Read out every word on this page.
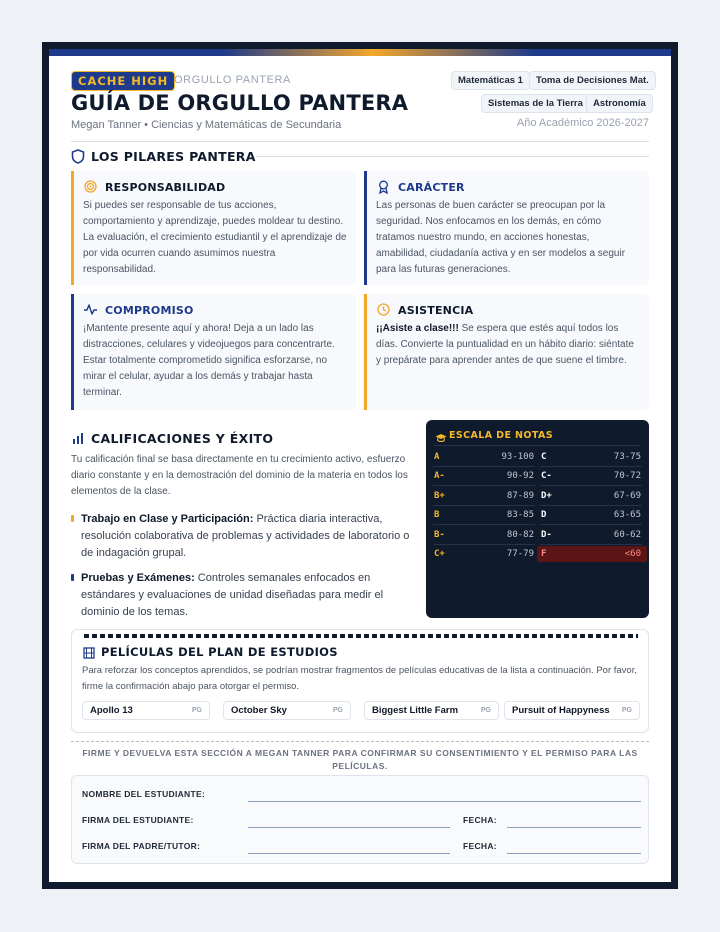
CACHE HIGH ORGULLO PANTERA
GUÍA DE ORGULLO PANTERA
Megan Tanner • Ciencias y Matemáticas de Secundaria
Matemáticas 1	Toma de Decisiones Mat.
Sistemas de la Tierra	Astronomía
Año Académico 2026-2027
LOS PILARES PANTERA
RESPONSABILIDAD
Si puedes ser responsable de tus acciones, comportamiento y aprendizaje, puedes moldear tu destino. La evaluación, el crecimiento estudiantil y el aprendizaje de por vida ocurren cuando asumimos nuestra responsabilidad.
CARÁCTER
Las personas de buen carácter se preocupan por la seguridad. Nos enfocamos en los demás, en cómo tratamos nuestro mundo, en acciones honestas, amabilidad, ciudadanía activa y en ser modelos a seguir para las futuras generaciones.
COMPROMISO
¡Mantente presente aquí y ahora! Deja a un lado las distracciones, celulares y videojuegos para concentrarte. Estar totalmente comprometido significa esforzarse, no mirar el celular, ayudar a los demás y trabajar hasta terminar.
ASISTENCIA
¡¡Asiste a clase!!! Se espera que estés aquí todos los días. Convierte la puntualidad en un hábito diario: siéntate y prepárate para aprender antes de que suene el timbre.
CALIFICACIONES Y ÉXITO
Tu calificación final se basa directamente en tu crecimiento activo, esfuerzo diario constante y en la demostración del dominio de la materia en todos los elementos de la clase.
Trabajo en Clase y Participación: Práctica diaria interactiva, resolución colaborativa de problemas y actividades de laboratorio o de indagación grupal.
Pruebas y Exámenes: Controles semanales enfocados en estándares y evaluaciones de unidad diseñadas para medir el dominio de los temas.
ESCALA DE NOTAS
A	93-100
A-	90-92
B+	87-89
B	83-85
B-	80-82
C+	77-79
C	73-75
C-	70-72
D+	67-69
D	63-65
D-	60-62
F	<60
PELÍCULAS DEL PLAN DE ESTUDIOS
Para reforzar los conceptos aprendidos, se podrían mostrar fragmentos de películas educativas de la lista a continuación. Por favor, firme la confirmación abajo para otorgar el permiso.
Apollo 13	PG	October Sky	PG	Biggest Little Farm	PG Pursuit of Happyness PG
FIRME Y DEVUELVA ESTA SECCIÓN A MEGAN TANNER PARA CONFIRMAR SU CONSENTIMIENTO Y EL PERMISO PARA LAS PELÍCULAS.
NOMBRE DEL ESTUDIANTE:
FIRMA DEL ESTUDIANTE:	FECHA:
FIRMA DEL PADRE/TUTOR:	FECHA:
